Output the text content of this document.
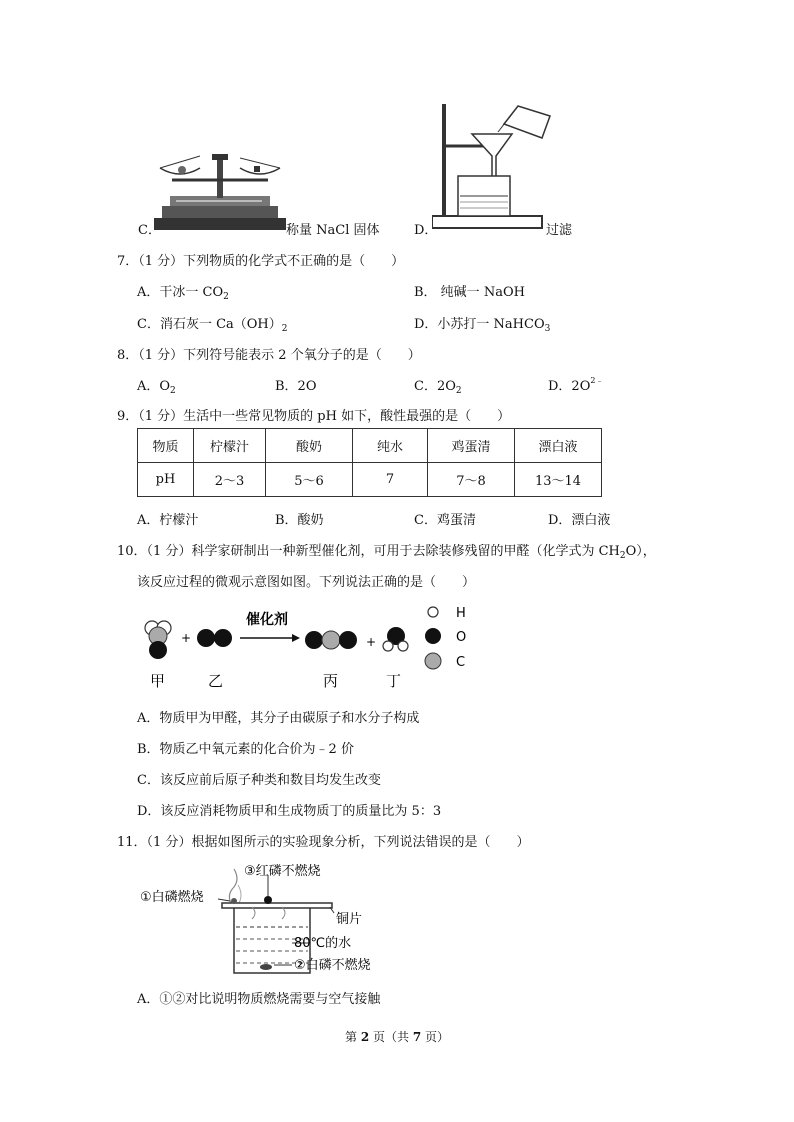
C．	称量 NaCl 固体	D．	过滤
7．（1 分）下列物质的化学式不正确的是（　　）
A．干冰一 $CO_2$	B． 纯碱一 NaOH
C．消石灰一 $Ca(OH)_2$	D．小苏打一 NaHCO$_3$
8．（1 分）下列符号能表示 2 个氧分子的是（　　）
A．$O_2$	B．2O	C．$2O_2$	D．$2O^{2﹣}$
9．（1 分）生活中一些常见物质的 pH 如下，酸性最强的是（　　）
物质	柠檬汁	酸奶	纯水	鸡蛋清	漂白液
pH	2～3	5～6	7	7～8	13～14
A．柠檬汁	B．酸奶	C．鸡蛋清	D．漂白液
10．（1 分）科学家研制出一种新型催化剂，可用于去除装修残留的甲醛（化学式为 $CH_2O$），
该反应过程的微观示意图如图。下列说法正确的是（　　）
+
催化剂
+
H
O
C
甲	乙	丙	丁
A．物质甲为甲醛，其分子由碳原子和水分子构成
B．物质乙中氧元素的化合价为﹣2 价
C．该反应前后原子种类和数目均发生改变
D．该反应消耗物质甲和生成物质丁的质量比为 5：3
11．（1 分）根据如图所示的实验现象分析，下列说法错误的是（　　）
①白磷燃烧
③红磷不燃烧
铜片
80℃的水
②白磷不燃烧
A．①②对比说明物质燃烧需要与空气接触
第 2 页（共 7 页）
